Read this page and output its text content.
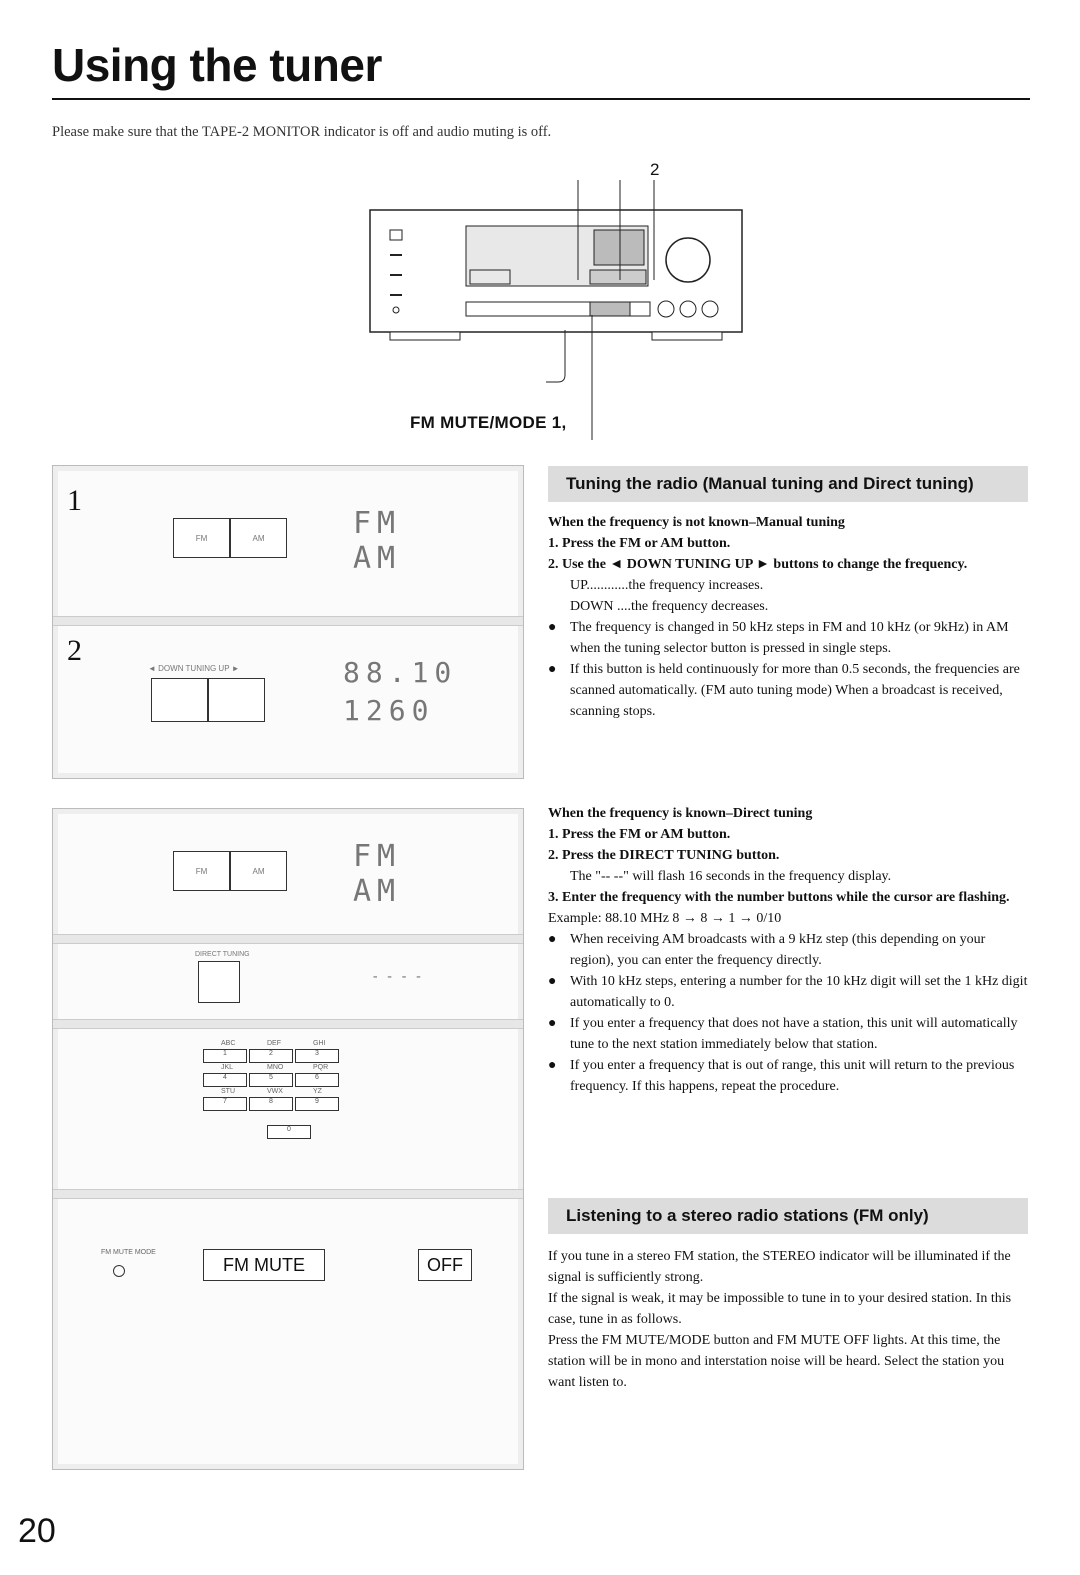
Using the tuner
Please make sure that the TAPE-2 MONITOR indicator is off and audio muting is off.
2
FM MUTE/MODE 1,
1
FM	AM	FM
AM
2
◄ DOWN TUNING UP ►	88.10
1260
FM	AM	FM
AM
DIRECT TUNING
----
ABC	DEF	GHI
1	2	3
JKL	MNO	PQR
4	5	6
STU	VWX	YZ
7	8	9
0
FM MUTE MODE
FM MUTE	OFF
Tuning the radio (Manual tuning and Direct tuning)

When the frequency is not known–Manual tuning

1. Press the FM or AM button.

2. Use the ◄ DOWN TUNING UP ► buttons to change the frequency.

UP............the frequency increases.

DOWN ....the frequency decreases.

● The frequency is changed in 50 kHz steps in FM and 10 kHz (or 9kHz) in AM when the tuning selector button is pressed in single steps.
● If this button is held continuously for more than 0.5 seconds, the frequencies are scanned automatically. (FM auto tuning mode) When a broadcast is received, scanning stops.

When the frequency is known–Direct tuning

1. Press the FM or AM button.

2. Press the DIRECT TUNING button.

The "-- --" will flash 16 seconds in the frequency display.

3. Enter the frequency with the number buttons while the cursor are flashing.

Example: 88.10 MHz 8 → 8 → 1 → 0/10

● When receiving AM broadcasts with a 9 kHz step (this depending on your region), you can enter the frequency directly.
● With 10 kHz steps, entering a number for the 10 kHz digit will set the 1 kHz digit automatically to 0.
● If you enter a frequency that does not have a station, this unit will automatically tune to the next station immediately below that station.
● If you enter a frequency that is out of range, this unit will return to the previous frequency. If this happens, repeat the procedure.
Listening to a stereo radio stations (FM only)

If you tune in a stereo FM station, the STEREO indicator will be illuminated if the signal is sufficiently strong.

If the signal is weak, it may be impossible to tune in to your desired station. In this case, tune in as follows.

Press the FM MUTE/MODE button and FM MUTE OFF lights. At this time, the station will be in mono and interstation noise will be heard. Select the station you want listen to.

20
